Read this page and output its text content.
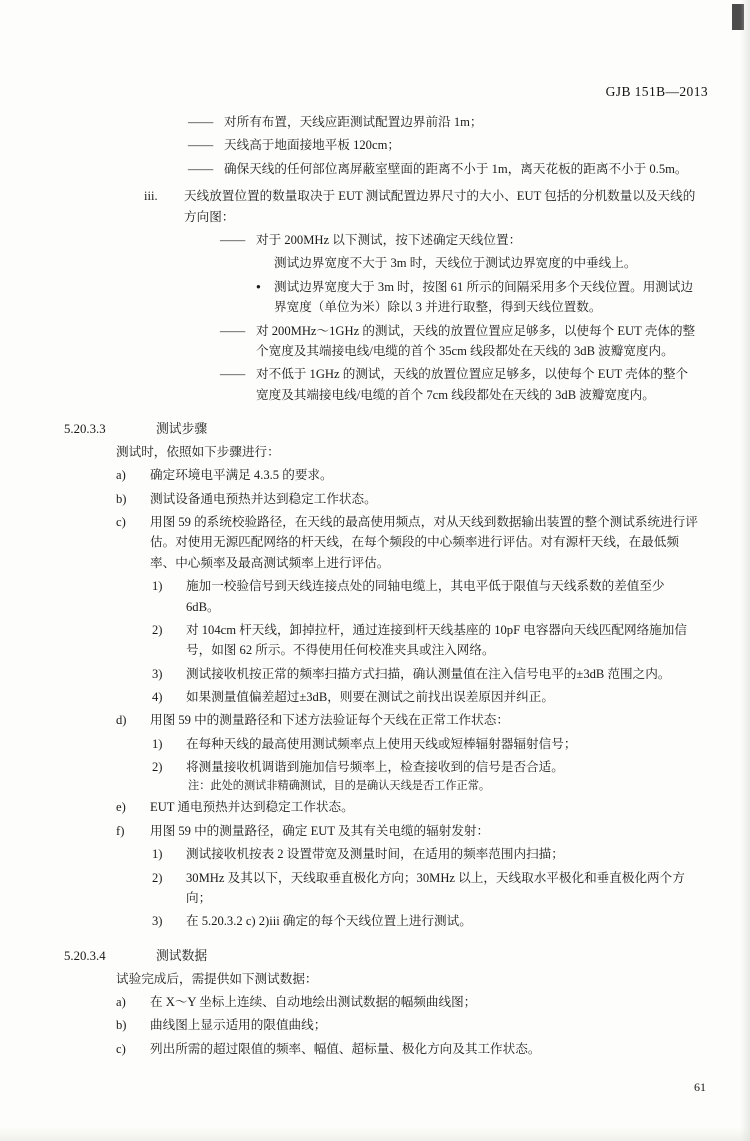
GJB 151B—2013
—— 对所有布置，天线应距测试配置边界前沿 1m；
—— 天线高于地面接地平板 120cm；
—— 确保天线的任何部位离屏蔽室壁面的距离不小于 1m，离天花板的距离不小于 0.5m。
iii.	天线放置位置的数量取决于 EUT 测试配置边界尺寸的大小、EUT 包括的分机数量以及天线的方向图：
—— 对于 200MHz 以下测试，按下述确定天线位置：
测试边界宽度不大于 3m 时，天线位于测试边界宽度的中垂线上。
●
测试边界宽度大于 3m 时，按图 61 所示的间隔采用多个天线位置。用测试边界宽度（单位为米）除以 3 并进行取整，得到天线位置数。
—— 对 200MHz～1GHz 的测试，天线的放置位置应足够多，以使每个 EUT 壳体的整个宽度及其端接电线/电缆的首个 35cm 线段都处在天线的 3dB 波瓣宽度内。
—— 对不低于 1GHz 的测试，天线的放置位置应足够多，以使每个 EUT 壳体的整个宽度及其端接电线/电缆的首个 7cm 线段都处在天线的 3dB 波瓣宽度内。
5.20.3.3	测试步骤
测试时，依照如下步骤进行：
a)	确定环境电平满足 4.3.5 的要求。
b)	测试设备通电预热并达到稳定工作状态。
c)	用图 59 的系统校验路径，在天线的最高使用频点，对从天线到数据输出装置的整个测试系统进行评估。对使用无源匹配网络的杆天线，在每个频段的中心频率进行评估。对有源杆天线，在最低频率、中心频率及最高测试频率上进行评估。
1)	施加一校验信号到天线连接点处的同轴电缆上，其电平低于限值与天线系数的差值至少 6dB。
2)	对 104cm 杆天线，卸掉拉杆，通过连接到杆天线基座的 10pF 电容器向天线匹配网络施加信号，如图 62 所示。不得使用任何校准夹具或注入网络。
3)	测试接收机按正常的频率扫描方式扫描，确认测量值在注入信号电平的±3dB 范围之内。
4)	如果测量值偏差超过±3dB，则要在测试之前找出误差原因并纠正。
d)	用图 59 中的测量路径和下述方法验证每个天线在正常工作状态：
1)	在每种天线的最高使用测试频率点上使用天线或短棒辐射器辐射信号；
2)	将测量接收机调谐到施加信号频率上，检查接收到的信号是否合适。
注：此处的测试非精确测试，目的是确认天线是否工作正常。
e)	EUT 通电预热并达到稳定工作状态。
f)	用图 59 中的测量路径，确定 EUT 及其有关电缆的辐射发射：
1)	测试接收机按表 2 设置带宽及测量时间，在适用的频率范围内扫描；
2)	30MHz 及其以下，天线取垂直极化方向；30MHz 以上，天线取水平极化和垂直极化两个方向；
3)	在 5.20.3.2 c) 2)iii 确定的每个天线位置上进行测试。
5.20.3.4	测试数据
试验完成后，需提供如下测试数据：
a)	在 X～Y 坐标上连续、自动地绘出测试数据的幅频曲线图；
b)	曲线图上显示适用的限值曲线；
c)	列出所需的超过限值的频率、幅值、超标量、极化方向及其工作状态。
61
